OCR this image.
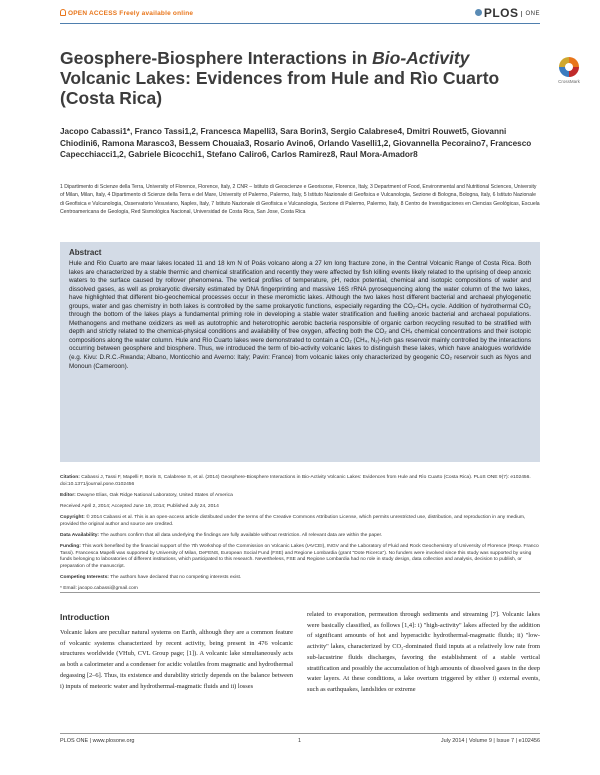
OPEN ACCESS Freely available online	PLOS ONE
Geosphere-Biosphere Interactions in Bio-Activity Volcanic Lakes: Evidences from Hule and Rìo Cuarto (Costa Rica)
CrossMark
Jacopo Cabassi1*, Franco Tassi1,2, Francesca Mapelli3, Sara Borin3, Sergio Calabrese4, Dmitri Rouwet5, Giovanni Chiodini6, Ramona Marasco3, Bessem Chouaia3, Rosario Avino6, Orlando Vaselli1,2, Giovannella Pecoraino7, Francesco Capecchiacci1,2, Gabriele Bicocchi1, Stefano Caliro6, Carlos Ramirez8, Raul Mora-Amador8
1 Dipartimento di Scienze della Terra, University of Florence, Florence, Italy, 2 CNR – Istituto di Geoscienze e Georisorse, Florence, Italy, 3 Department of Food, Environmental and Nutritional Sciences, University of Milan, Milan, Italy, 4 Dipartimento di Scienze della Terra e del Mare, University of Palermo, Palermo, Italy, 5 Istituto Nazionale di Geofisica e Vulcanologia, Sezione di Bologna, Bologna, Italy, 6 Istituto Nazionale di Geofisica e Vulcanologia, Osservatorio Vesuviano, Naples, Italy, 7 Istituto Nazionale di Geofisica e Vulcanologia, Sezione di Palermo, Palermo, Italy, 8 Centro de Investigaciones en Ciencias Geológicas, Escuela Centroamericana de Geología, Red Sismológica Nacional, Universidad de Costa Rica, San Jose, Costa Rica
Abstract
Hule and Rìo Cuarto are maar lakes located 11 and 18 km N of Poás volcano along a 27 km long fracture zone, in the Central Volcanic Range of Costa Rica. Both lakes are characterized by a stable thermic and chemical stratification and recently they were affected by fish killing events likely related to the uprising of deep anoxic waters to the surface caused by rollover phenomena. The vertical profiles of temperature, pH, redox potential, chemical and isotopic compositions of water and dissolved gases, as well as prokaryotic diversity estimated by DNA fingerprinting and massive 16S rRNA pyrosequencing along the water column of the two lakes, have highlighted that different bio-geochemical processes occur in these meromictic lakes. Although the two lakes host different bacterial and archaeal phylogenetic groups, water and gas chemistry in both lakes is controlled by the same prokaryotic functions, especially regarding the CO₂-CH₄ cycle. Addition of hydrothermal CO₂ through the bottom of the lakes plays a fundamental priming role in developing a stable water stratification and fuelling anoxic bacterial and archaeal populations. Methanogens and methane oxidizers as well as autotrophic and heterotrophic aerobic bacteria responsible of organic carbon recycling resulted to be stratified with depth and strictly related to the chemical-physical conditions and availability of free oxygen, affecting both the CO₂ and CH₄ chemical concentrations and their isotopic compositions along the water column. Hule and Rìo Cuarto lakes were demonstrated to contain a CO₂ (CH₄, N₂)-rich gas reservoir mainly controlled by the interactions occurring between geosphere and biosphere. Thus, we introduced the term of bio-activity volcanic lakes to distinguish these lakes, which have analogues worldwide (e.g. Kivu: D.R.C.-Rwanda; Albano, Monticchio and Averno: Italy; Pavin: France) from volcanic lakes only characterized by geogenic CO₂ reservoir such as Nyos and Monoun (Cameroon).

Citation: Cabassi J, Tassi F, Mapelli F, Borin S, Calabrese S, et al. (2014) Geosphere-Biosphere Interactions in Bio-Activity Volcanic Lakes: Evidences from Hule and Rìo Cuarto (Costa Rica). PLoS ONE 9(7): e102456. doi:10.1371/journal.pone.0102456

Editor: Dwayne Elias, Oak Ridge National Laboratory, United States of America

Received April 2, 2014; Accepted June 19, 2014; Published July 24, 2014

Copyright: © 2014 Cabassi et al. This is an open-access article distributed under the terms of the Creative Commons Attribution License, which permits unrestricted use, distribution, and reproduction in any medium, provided the original author and source are credited.

Data Availability: The authors confirm that all data underlying the findings are fully available without restriction. All relevant data are within the paper.

Funding: This work benefited by the financial support of the 7th Workshop of the Commission on Volcanic Lakes (IAVCEI), INGV and the Laboratory of Fluid and Rock Geochemistry of University of Florence (Resp. Franco Tassi). Francesca Mapelli was supported by University of Milan, DeFENS, European Social Fund (FSE) and Regione Lombardia (grant "Dote Ricerca"). No funders were involved since this study was supported by using funds belonging to laboratories of different institutions, which participated to this research. Nevertheless, FSE and Regione Lombardia had no role in study design, data collection and analysis, decision to publish, or preparation of the manuscript.

Competing Interests: The authors have declared that no competing interests exist.

* Email: jacopo.cabassi@gmail.com

Introduction
Volcanic lakes are peculiar natural systems on Earth, although they are a common feature of volcanic systems characterized by recent activity, being present in 476 volcanic structures worldwide (VHub, CVL Group page; [1]). A volcanic lake simultaneously acts as both a calorimeter and a condenser for acidic volatiles from magmatic and hydrothermal degassing [2–6]. Thus, its existence and durability strictly depends on the balance between i) inputs of meteoric water and hydrothermal-magmatic fluids and ii) losses
related to evaporation, permeation through sediments and streaming [7]. Volcanic lakes were basically classified, as follows [1,4]: i) "high-activity" lakes affected by the addition of significant amounts of hot and hyperacidic hydrothermal-magmatic fluids; ii) "low-activity" lakes, characterized by CO₂-dominated fluid inputs at a relatively low rate from sub-lacustrine fluids discharges, favoring the establishment of a stable vertical stratification and possibly the accumulation of high amounts of dissolved gases in the deep water layers. At these conditions, a lake overturn triggered by either i) external events, such as earthquakes, landslides or extreme
PLOS ONE | www.plosone.org	1	July 2014 | Volume 9 | Issue 7 | e102456
